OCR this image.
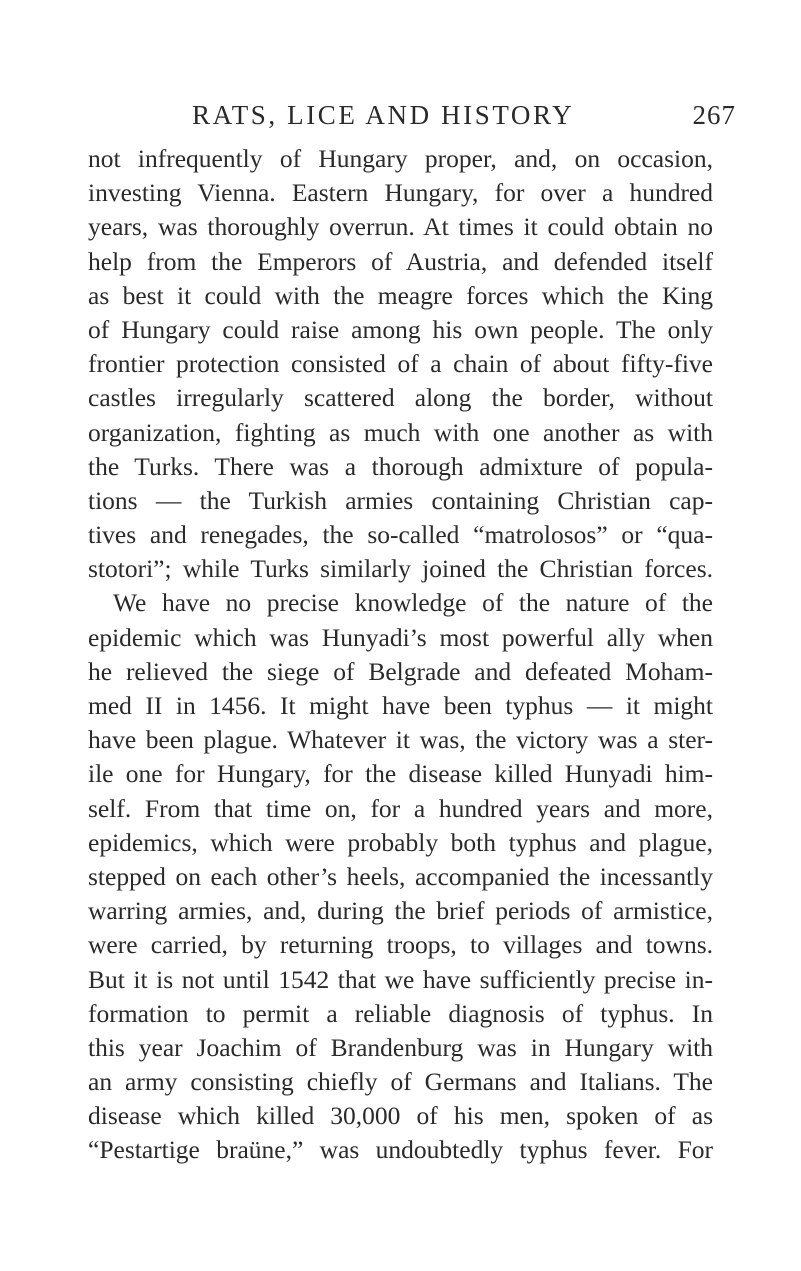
RATS, LICE AND HISTORY	267
not infrequently of Hungary proper, and, on occasion,
investing Vienna. Eastern Hungary, for over a hundred
years, was thoroughly overrun. At times it could obtain no
help from the Emperors of Austria, and defended itself
as best it could with the meagre forces which the King
of Hungary could raise among his own people. The only
frontier protection consisted of a chain of about fifty-five
castles irregularly scattered along the border, without
organization, fighting as much with one another as with
the Turks. There was a thorough admixture of popula-
tions — the Turkish armies containing Christian cap-
tives and renegades, the so-called “matrolosos” or “qua-
stotori”; while Turks similarly joined the Christian forces.
We have no precise knowledge of the nature of the
epidemic which was Hunyadi’s most powerful ally when
he relieved the siege of Belgrade and defeated Moham-
med II in 1456. It might have been typhus — it might
have been plague. Whatever it was, the victory was a ster-
ile one for Hungary, for the disease killed Hunyadi him-
self. From that time on, for a hundred years and more,
epidemics, which were probably both typhus and plague,
stepped on each other’s heels, accompanied the incessantly
warring armies, and, during the brief periods of armistice,
were carried, by returning troops, to villages and towns.
But it is not until 1542 that we have sufficiently precise in-
formation to permit a reliable diagnosis of typhus. In
this year Joachim of Brandenburg was in Hungary with
an army consisting chiefly of Germans and Italians. The
disease which killed 30,000 of his men, spoken of as
“Pestartige braüne,” was undoubtedly typhus fever. For
